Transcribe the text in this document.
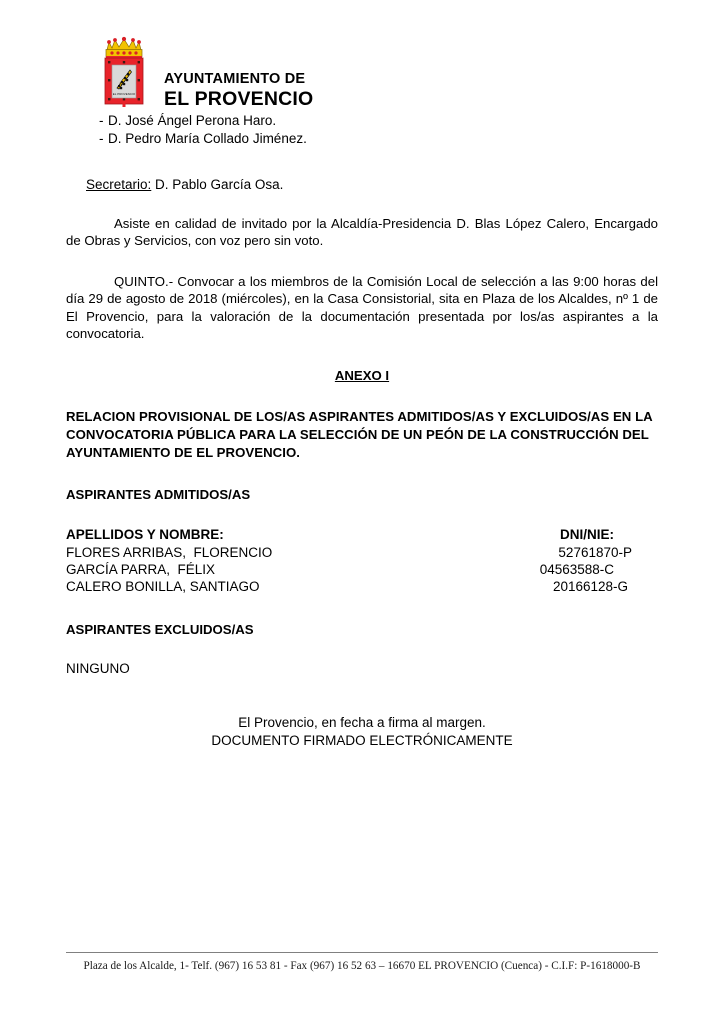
EL PROVENCIO
AYUNTAMIENTO DE
EL PROVENCIO
- D. José Ángel Perona Haro.
- D. Pedro María Collado Jiménez.

Secretario: D. Pablo García Osa.

Asiste en calidad de invitado por la Alcaldía-Presidencia D. Blas López Calero, Encargado de Obras y Servicios, con voz pero sin voto.

QUINTO.- Convocar a los miembros de la Comisión Local de selección a las 9:00 horas del día 29 de agosto de 2018 (miércoles), en la Casa Consistorial, sita en Plaza de los Alcaldes, nº 1 de El Provencio, para la valoración de la documentación presentada por los/as aspirantes a la convocatoria.

ANEXO I

RELACION PROVISIONAL DE LOS/AS ASPIRANTES ADMITIDOS/AS Y EXCLUIDOS/AS EN LA CONVOCATORIA PÚBLICA PARA LA SELECCIÓN DE UN PEÓN DE LA CONSTRUCCIÓN DEL AYUNTAMIENTO DE EL PROVENCIO.

ASPIRANTES ADMITIDOS/AS

APELLIDOS Y NOMBRE:	DNI/NIE:
FLORES ARRIBAS,  FLORENCIO	52761870-P
GARCÍA PARRA,  FÉLIX	04563588-C
CALERO BONILLA, SANTIAGO	20166128-G

ASPIRANTES EXCLUIDOS/AS

NINGUNO

El Provencio, en fecha a firma al margen.

DOCUMENTO FIRMADO ELECTRÓNICAMENTE

Plaza de los Alcalde, 1- Telf. (967) 16 53 81 - Fax (967) 16 52 63 – 16670 EL PROVENCIO (Cuenca) - C.I.F: P-1618000-B
